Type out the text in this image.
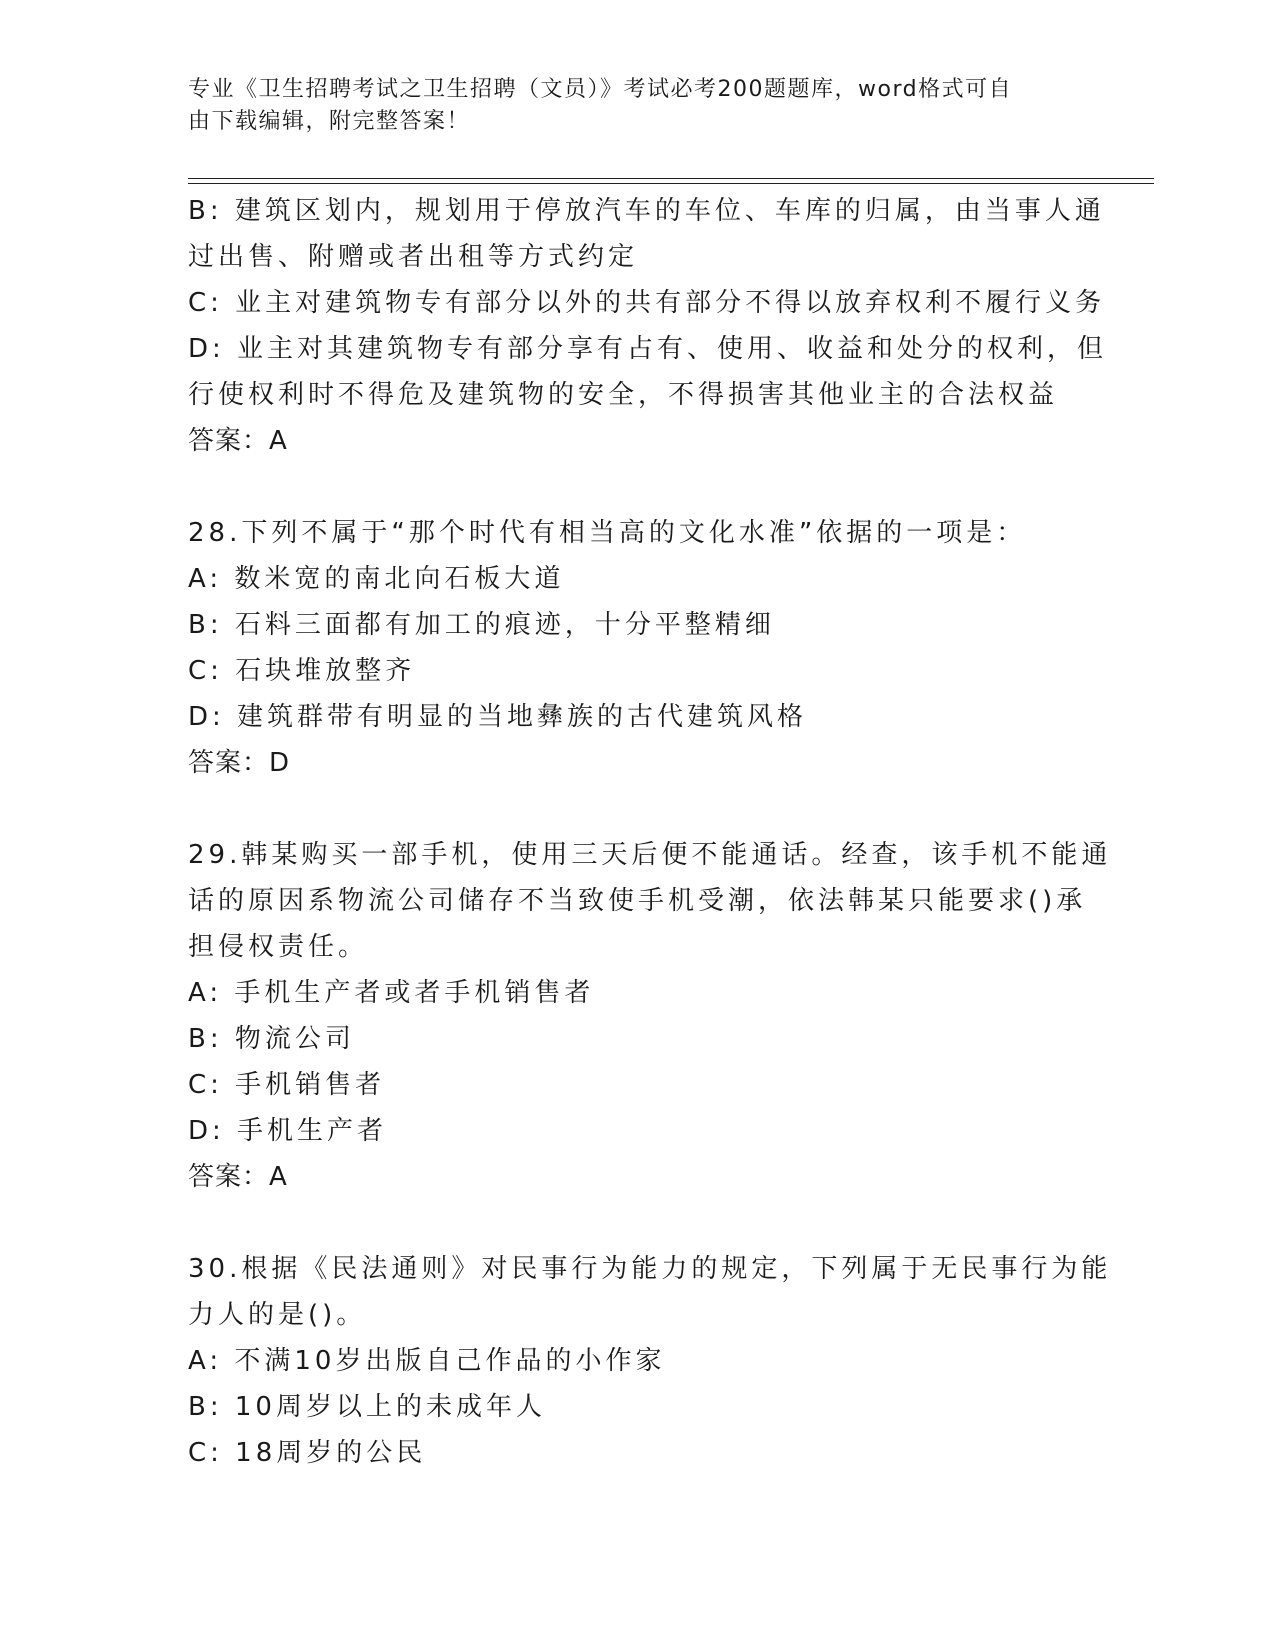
专业《卫生招聘考试之卫生招聘（文员）》考试必考200题题库，word格式可自
由下载编辑，附完整答案！
B: 建筑区划内，规划用于停放汽车的车位、车库的归属，由当事人通
过出售、附赠或者出租等方式约定
C: 业主对建筑物专有部分以外的共有部分不得以放弃权利不履行义务
D: 业主对其建筑物专有部分享有占有、使用、收益和处分的权利，但
行使权利时不得危及建筑物的安全，不得损害其他业主的合法权益
答案：A
28.下列不属于“那个时代有相当高的文化水准”依据的一项是：
A: 数米宽的南北向石板大道
B: 石料三面都有加工的痕迹，十分平整精细
C: 石块堆放整齐
D: 建筑群带有明显的当地彝族的古代建筑风格
答案：D
29.韩某购买一部手机，使用三天后便不能通话。经查，该手机不能通
话的原因系物流公司储存不当致使手机受潮，依法韩某只能要求()承
担侵权责任。
A: 手机生产者或者手机销售者
B: 物流公司
C: 手机销售者
D: 手机生产者
答案：A
30.根据《民法通则》对民事行为能力的规定，下列属于无民事行为能
力人的是()。
A: 不满10岁出版自己作品的小作家
B: 10周岁以上的未成年人
C: 18周岁的公民
